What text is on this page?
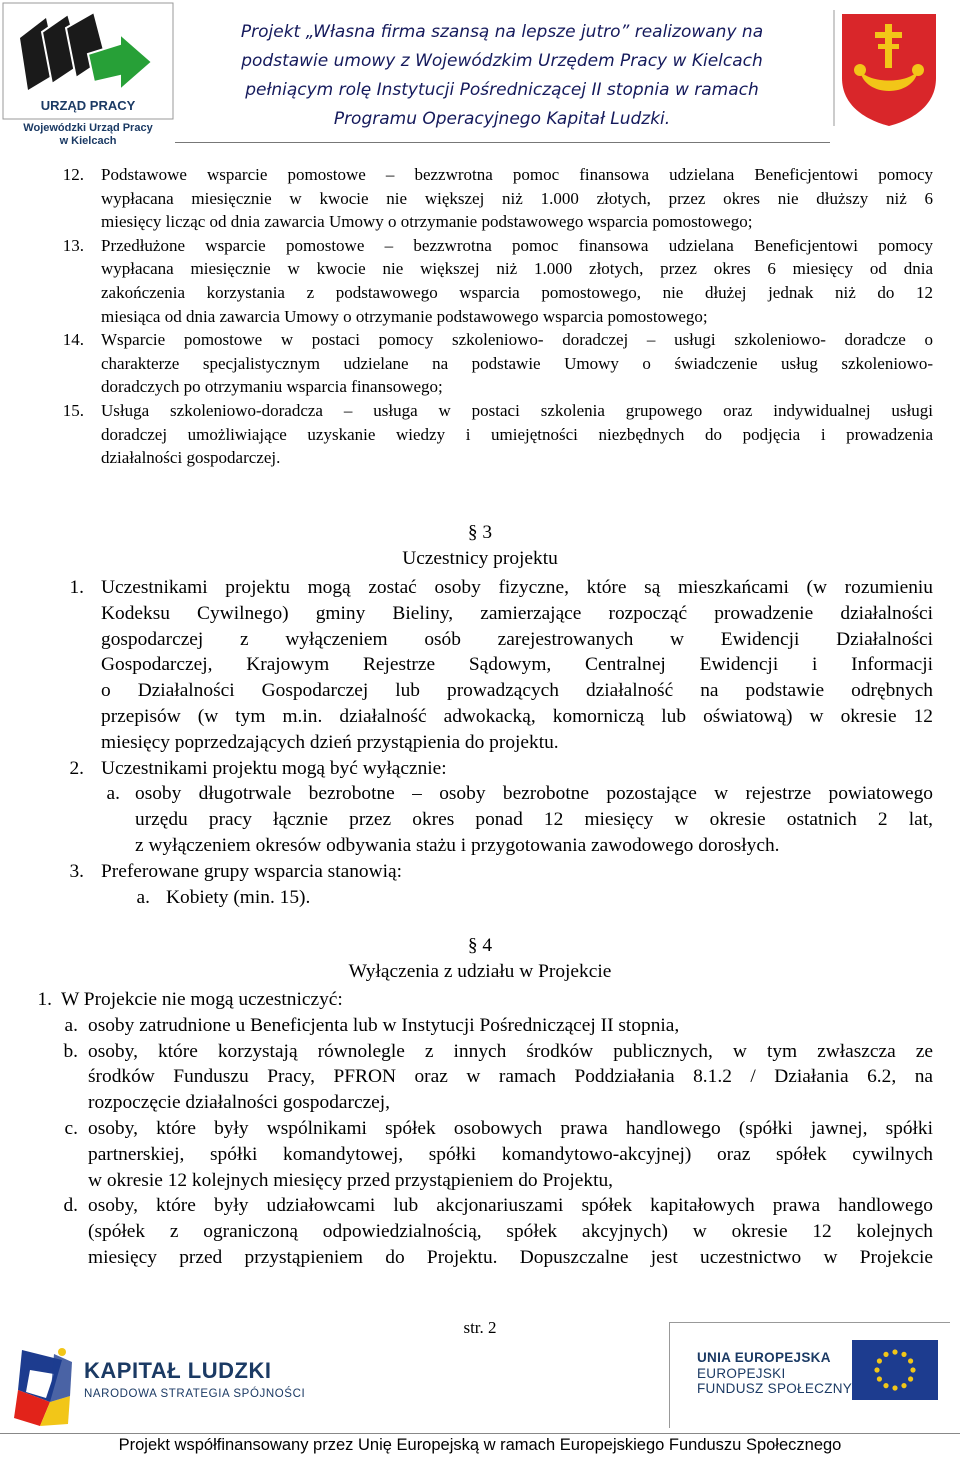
URZĄD PRACY
Wojewódzki Urząd Pracy
w Kielcach
Projekt „Własna firma szansą na lepsze jutro” realizowany na
podstawie umowy z Wojewódzkim Urzędem Pracy w Kielcach
pełniącym rolę Instytucji Pośredniczącej II stopnia w ramach
Programu Operacyjnego Kapitał Ludzki.
12. Podstawowe wsparcie pomostowe – bezzwrotna pomoc finansowa udzielana Beneficjentowi pomocy
wypłacana miesięcznie w kwocie nie większej niż 1.000 złotych, przez okres nie dłuższy niż 6
miesięcy licząc od dnia zawarcia Umowy o otrzymanie podstawowego wsparcia pomostowego;
13. Przedłużone wsparcie pomostowe – bezzwrotna pomoc finansowa udzielana Beneficjentowi pomocy
wypłacana miesięcznie w kwocie nie większej niż 1.000 złotych, przez okres 6 miesięcy od dnia
zakończenia korzystania z podstawowego wsparcia pomostowego, nie dłużej jednak niż do 12
miesiąca od dnia zawarcia Umowy o otrzymanie podstawowego wsparcia pomostowego;
14. Wsparcie pomostowe w postaci pomocy szkoleniowo- doradczej – usługi szkoleniowo- doradcze o
charakterze specjalistycznym udzielane na podstawie Umowy o świadczenie usług szkoleniowo-
doradczych po otrzymaniu wsparcia finansowego;
15. Usługa szkoleniowo-doradcza – usługa w postaci szkolenia grupowego oraz indywidualnej usługi
doradczej umożliwiające uzyskanie wiedzy i umiejętności niezbędnych do podjęcia i prowadzenia
działalności gospodarczej.
§ 3
Uczestnicy projektu
1. Uczestnikami projektu mogą zostać osoby fizyczne, które są mieszkańcami (w rozumieniu
Kodeksu Cywilnego) gminy Bieliny, zamierzające rozpocząć prowadzenie działalności
gospodarczej z wyłączeniem osób zarejestrowanych w Ewidencji Działalności
Gospodarczej, Krajowym Rejestrze Sądowym, Centralnej Ewidencji i Informacji
o Działalności Gospodarczej lub prowadzących działalność na podstawie odrębnych
przepisów (w tym m.in. działalność adwokacką, komorniczą lub oświatową) w okresie 12
miesięcy poprzedzających dzień przystąpienia do projektu.
2. Uczestnikami projektu mogą być wyłącznie:
a. osoby długotrwale bezrobotne – osoby bezrobotne pozostające w rejestrze powiatowego
urzędu pracy łącznie przez okres ponad 12 miesięcy w okresie ostatnich 2 lat,
z wyłączeniem okresów odbywania stażu i przygotowania zawodowego dorosłych.
3. Preferowane grupy wsparcia stanowią:
a. Kobiety (min. 15).
§ 4
Wyłączenia z udziału w Projekcie
1. W Projekcie nie mogą uczestniczyć:
a. osoby zatrudnione u Beneficjenta lub w Instytucji Pośredniczącej II stopnia,
b. osoby, które korzystają równolegle z innych środków publicznych, w tym zwłaszcza ze
środków Funduszu Pracy, PFRON oraz w ramach Poddziałania 8.1.2 / Działania 6.2, na
rozpoczęcie działalności gospodarczej,
c. osoby, które były wspólnikami spółek osobowych prawa handlowego (spółki jawnej, spółki
partnerskiej, spółki komandytowej, spółki komandytowo-akcyjnej) oraz spółek cywilnych
w okresie 12 kolejnych miesięcy przed przystąpieniem do Projektu,
d. osoby, które były udziałowcami lub akcjonariuszami spółek kapitałowych prawa handlowego
(spółek z ograniczoną odpowiedzialnością, spółek akcyjnych) w okresie 12 kolejnych
miesięcy przed przystąpieniem do Projektu. Dopuszczalne jest uczestnictwo w Projekcie
str. 2
KAPITAŁ LUDZKI
NARODOWA STRATEGIA SPÓJNOŚCI
UNIA EUROPEJSKA
EUROPEJSKI
FUNDUSZ SPOŁECZNY
Projekt współfinansowany przez Unię Europejską w ramach Europejskiego Funduszu Społecznego
